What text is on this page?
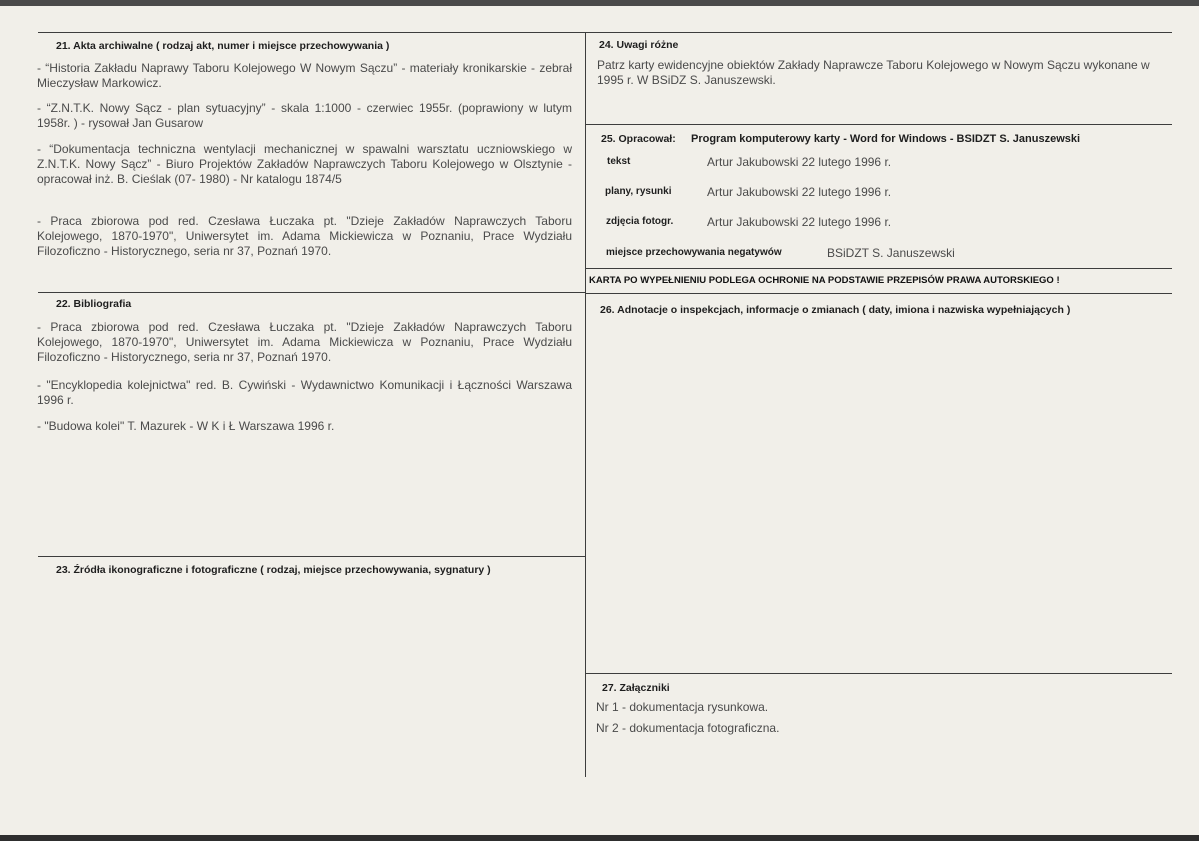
21. Akta archiwalne ( rodzaj akt, numer i miejsce przechowywania )
- “Historia Zakładu Naprawy Taboru Kolejowego W Nowym Sączu” - materiały kronikarskie - zebrał Mieczysław Markowicz.
- “Z.N.T.K. Nowy Sącz - plan sytuacyjny” - skala 1:1000 - czerwiec 1955r. (poprawiony w lutym 1958r. ) - rysował Jan Gusarow
- “Dokumentacja techniczna wentylacji mechanicznej w spawalni warsztatu uczniowskiego w Z.N.T.K. Nowy Sącz” - Biuro Projektów Zakładów Naprawczych Taboru Kolejowego w Olsztynie - opracował inż. B. Cieślak (07- 1980) - Nr katalogu 1874/5
- Praca zbiorowa pod red. Czesława Łuczaka pt. "Dzieje Zakładów Naprawczych Taboru Kolejowego, 1870-1970", Uniwersytet im. Adama Mickiewicza w Poznaniu, Prace Wydziału Filozoficzno - Historycznego, seria nr 37, Poznań 1970.
22. Bibliografia
- Praca zbiorowa pod red. Czesława Łuczaka pt. "Dzieje Zakładów Naprawczych Taboru Kolejowego, 1870-1970", Uniwersytet im. Adama Mickiewicza w Poznaniu, Prace Wydziału Filozoficzno - Historycznego, seria nr 37, Poznań 1970.
- "Encyklopedia kolejnictwa" red. B. Cywiński - Wydawnictwo Komunikacji i Łączności Warszawa 1996 r.
- "Budowa kolei" T. Mazurek - W K i Ł Warszawa 1996 r.
23. Źródła ikonograficzne i fotograficzne ( rodzaj, miejsce przechowywania, sygnatury )
24. Uwagi różne
Patrz karty ewidencyjne obiektów Zakłady Naprawcze Taboru Kolejowego w Nowym Sączu wykonane w 1995 r. W BSiDZ S. Januszewski.
25. Opracował: Program komputerowy karty - Word for Windows - BSIDZT S. Januszewski
tekst	Artur Jakubowski 22 lutego 1996 r.
plany, rysunki	Artur Jakubowski 22 lutego 1996 r.
zdjęcia fotogr.	Artur Jakubowski 22 lutego 1996 r.
miejsce przechowywania negatywów	BSiDZT S. Januszewski
KARTA PO WYPEŁNIENIU PODLEGA OCHRONIE NA PODSTAWIE PRZEPISÓW PRAWA AUTORSKIEGO !
26. Adnotacje o inspekcjach, informacje o zmianach ( daty, imiona i nazwiska wypełniających )
27. Załączniki
Nr 1 - dokumentacja rysunkowa.
Nr 2 - dokumentacja fotograficzna.
